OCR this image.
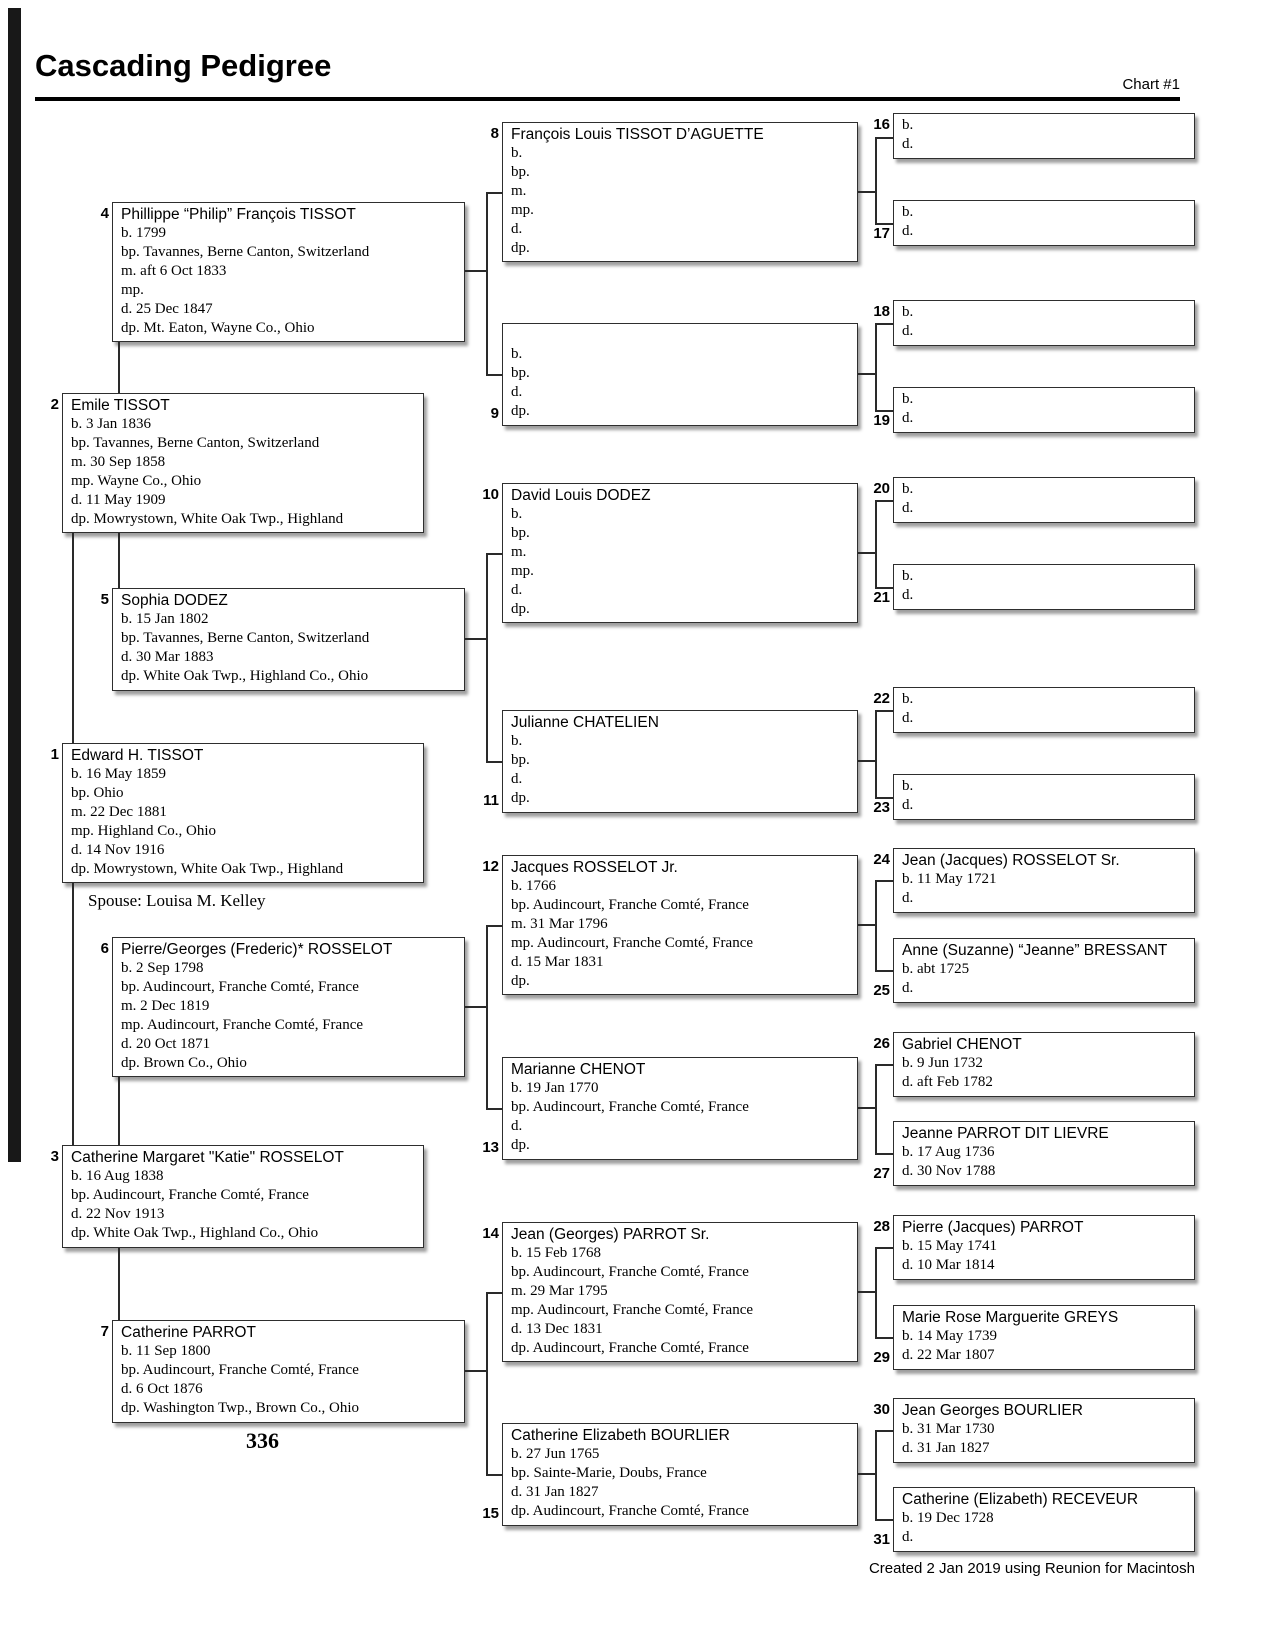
Cascading Pedigree
Chart #1
4 Phillippe “Philip” François TISSOT
b. 1799
bp. Tavannes, Berne Canton, Switzerland
m. aft 6 Oct 1833
mp.
d. 25 Dec 1847
dp. Mt. Eaton, Wayne Co., Ohio
2 Emile TISSOT
b. 3 Jan 1836
bp. Tavannes, Berne Canton, Switzerland
m. 30 Sep 1858
mp. Wayne Co., Ohio
d. 11 May 1909
dp. Mowrystown, White Oak Twp., Highland
5 Sophia DODEZ
b. 15 Jan 1802
bp. Tavannes, Berne Canton, Switzerland
d. 30 Mar 1883
dp. White Oak Twp., Highland Co., Ohio
1 Edward H. TISSOT
b. 16 May 1859
bp. Ohio
m. 22 Dec 1881
mp. Highland Co., Ohio
d. 14 Nov 1916
dp. Mowrystown, White Oak Twp., Highland
6 Pierre/Georges (Frederic)* ROSSELOT
b. 2 Sep 1798
bp. Audincourt, Franche Comté, France
m. 2 Dec 1819
mp. Audincourt, Franche Comté, France
d. 20 Oct 1871
dp. Brown Co., Ohio
3 Catherine Margaret "Katie" ROSSELOT
b. 16 Aug 1838
bp. Audincourt, Franche Comté, France
d. 22 Nov 1913
dp. White Oak Twp., Highland Co., Ohio
7 Catherine PARROT
b. 11 Sep 1800
bp. Audincourt, Franche Comté, France
d. 6 Oct 1876
dp. Washington Twp., Brown Co., Ohio
Spouse: Louisa M. Kelley
8 François Louis TISSOT D’AGUETTE
b.
bp.
m.
mp.
d.
dp.
9
b.
bp.
d.
dp.
10 David Louis DODEZ
b.
bp.
m.
mp.
d.
dp.
11
Julianne CHATELIEN
b.
bp.
d.
dp.
12 Jacques ROSSELOT Jr.
b. 1766
bp. Audincourt, Franche Comté, France
m. 31 Mar 1796
mp. Audincourt, Franche Comté, France
d. 15 Mar 1831
dp.
13
Marianne CHENOT
b. 19 Jan 1770
bp. Audincourt, Franche Comté, France
d.
dp.
14 Jean (Georges) PARROT Sr.
b. 15 Feb 1768
bp. Audincourt, Franche Comté, France
m. 29 Mar 1795
mp. Audincourt, Franche Comté, France
d. 13 Dec 1831
dp. Audincourt, Franche Comté, France
15
Catherine Elizabeth BOURLIER
b. 27 Jun 1765
bp. Sainte-Marie, Doubs, France
d. 31 Jan 1827
dp. Audincourt, Franche Comté, France
16 b.
d.
17
b.
d.
18 b.
d.
19
b.
d.
20 b.
d.
21
b.
d.
22 b.
d.
23
b.
d.
24 Jean (Jacques) ROSSELOT Sr.
b. 11 May 1721
d.
25
Anne (Suzanne) “Jeanne” BRESSANT
b. abt 1725
d.
26 Gabriel CHENOT
b. 9 Jun 1732
d. aft Feb 1782
27
Jeanne PARROT DIT LIEVRE
b. 17 Aug 1736
d. 30 Nov 1788
28 Pierre (Jacques) PARROT
b. 15 May 1741
d. 10 Mar 1814
29
Marie Rose Marguerite GREYS
b. 14 May 1739
d. 22 Mar 1807
30 Jean Georges BOURLIER
b. 31 Mar 1730
d. 31 Jan 1827
31
Catherine (Elizabeth) RECEVEUR
b. 19 Dec 1728
d.
336
Created 2 Jan 2019 using Reunion for Macintosh
